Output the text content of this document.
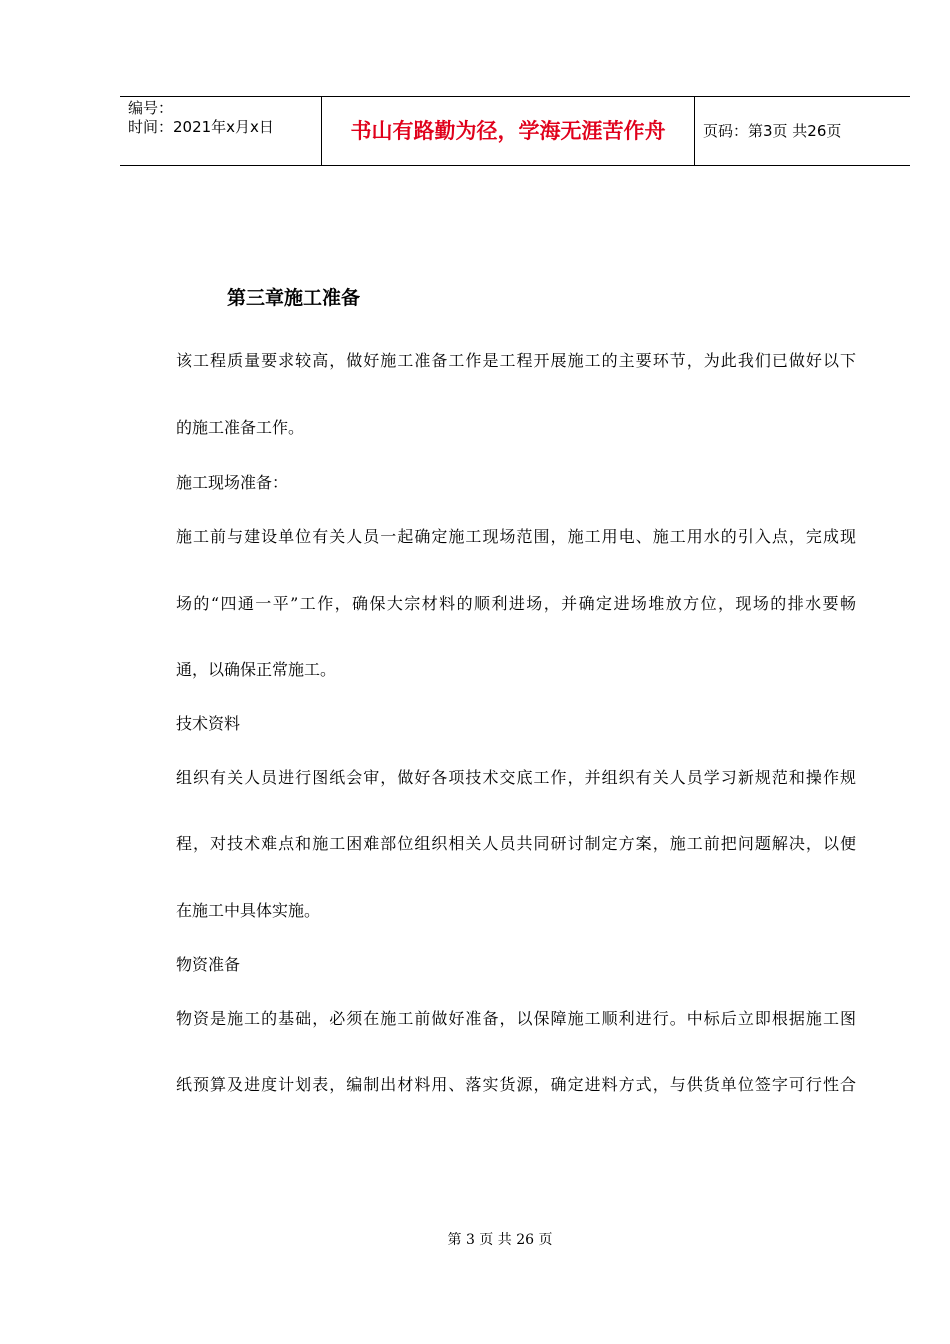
编号：
时间：2021年x月x日	书山有路勤为径，学海无涯苦作舟	页码：第3页 共26页
第三章施工准备
该工程质量要求较高，做好施工准备工作是工程开展施工的主要环节，为此我们已做好以下
的施工准备工作。
施工现场准备：
施工前与建设单位有关人员一起确定施工现场范围，施工用电、施工用水的引入点，完成现
场的“四通一平”工作，确保大宗材料的顺利进场，并确定进场堆放方位，现场的排水要畅
通，以确保正常施工。
技术资料
组织有关人员进行图纸会审，做好各项技术交底工作，并组织有关人员学习新规范和操作规
程，对技术难点和施工困难部位组织相关人员共同研讨制定方案，施工前把问题解决，以便
在施工中具体实施。
物资准备
物资是施工的基础，必须在施工前做好准备，以保障施工顺利进行。中标后立即根据施工图
纸预算及进度计划表，编制出材料用、落实货源，确定进料方式，与供货单位签字可行性合
第 3 页 共 26 页
